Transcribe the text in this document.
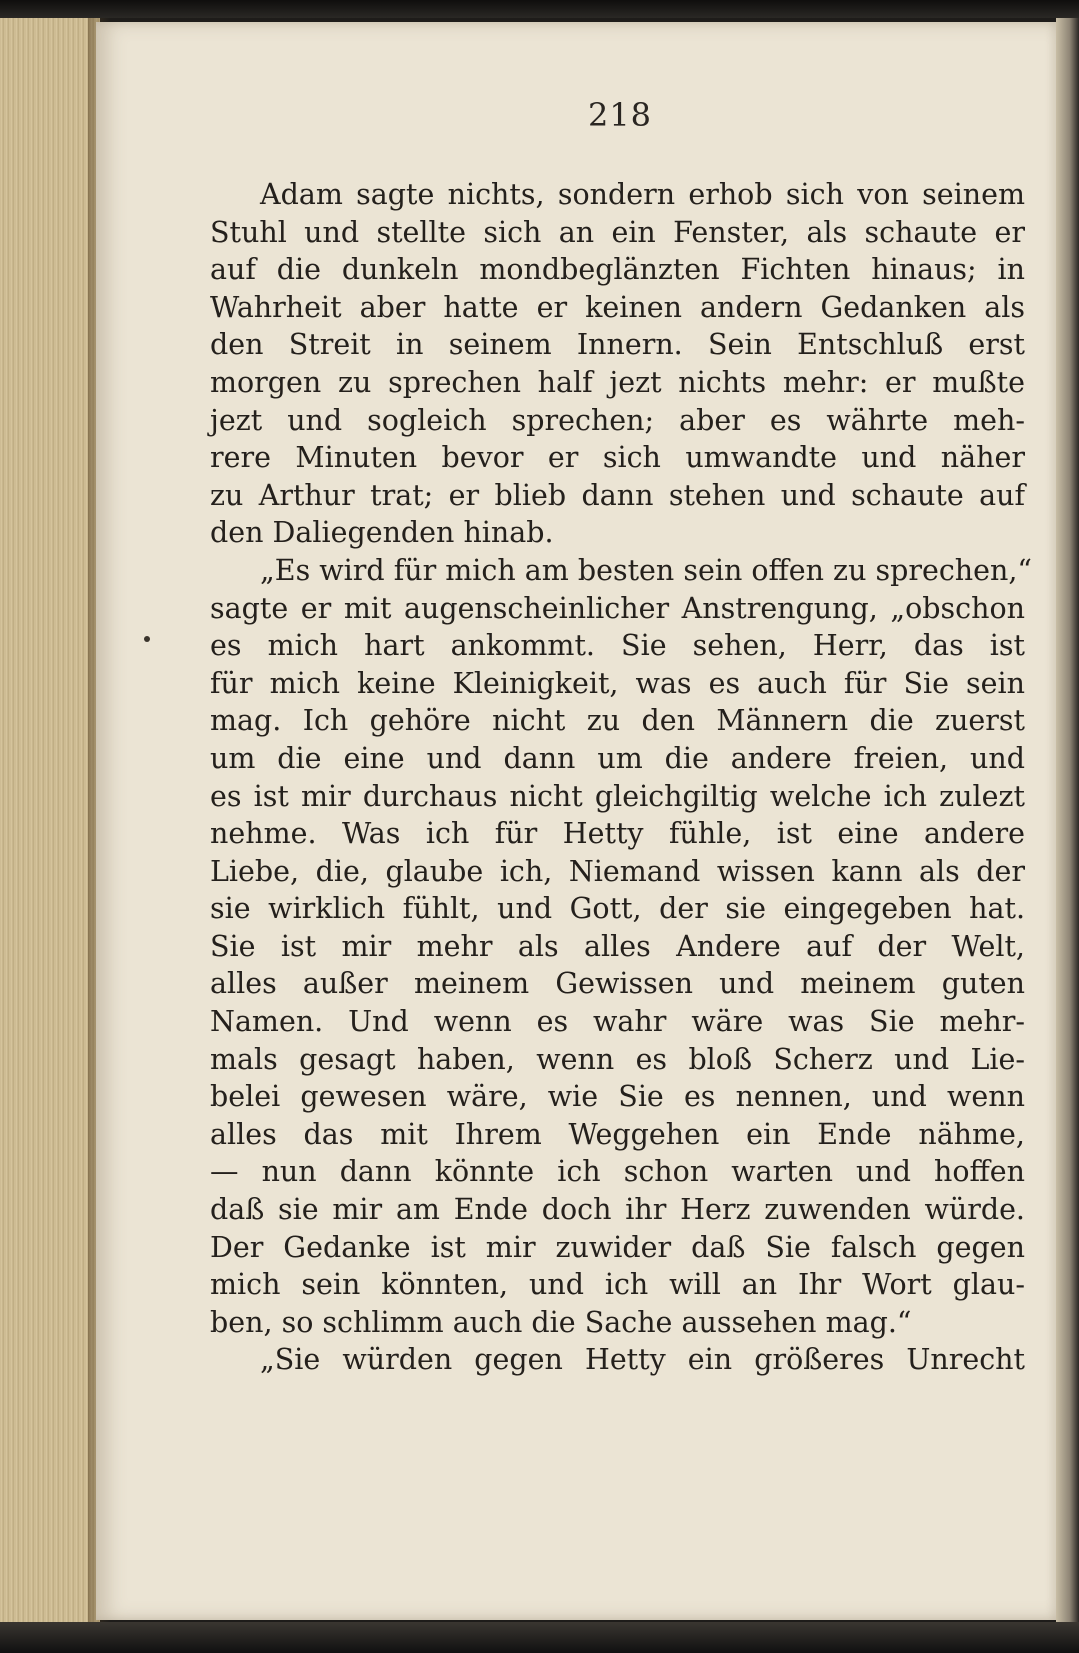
218
Adam sagte nichts, sondern erhob sich von seinem
Stuhl und stellte sich an ein Fenster, als schaute er
auf die dunkeln mondbeglänzten Fichten hinaus; in
Wahrheit aber hatte er keinen andern Gedanken als
den Streit in seinem Innern. Sein Entschluß erst
morgen zu sprechen half jezt nichts mehr: er mußte
jezt und sogleich sprechen; aber es währte meh-
rere Minuten bevor er sich umwandte und näher
zu Arthur trat; er blieb dann stehen und schaute auf
den Daliegenden hinab.
„Es wird für mich am besten sein offen zu sprechen,“
sagte er mit augenscheinlicher Anstrengung, „obschon
es mich hart ankommt. Sie sehen, Herr, das ist
für mich keine Kleinigkeit, was es auch für Sie sein
mag. Ich gehöre nicht zu den Männern die zuerst
um die eine und dann um die andere freien, und
es ist mir durchaus nicht gleichgiltig welche ich zulezt
nehme. Was ich für Hetty fühle, ist eine andere
Liebe, die, glaube ich, Niemand wissen kann als der
sie wirklich fühlt, und Gott, der sie eingegeben hat.
Sie ist mir mehr als alles Andere auf der Welt,
alles außer meinem Gewissen und meinem guten
Namen. Und wenn es wahr wäre was Sie mehr-
mals gesagt haben, wenn es bloß Scherz und Lie-
belei gewesen wäre, wie Sie es nennen, und wenn
alles das mit Ihrem Weggehen ein Ende nähme,
— nun dann könnte ich schon warten und hoffen
daß sie mir am Ende doch ihr Herz zuwenden würde.
Der Gedanke ist mir zuwider daß Sie falsch gegen
mich sein könnten, und ich will an Ihr Wort glau-
ben, so schlimm auch die Sache aussehen mag.“
„Sie würden gegen Hetty ein größeres Unrecht
